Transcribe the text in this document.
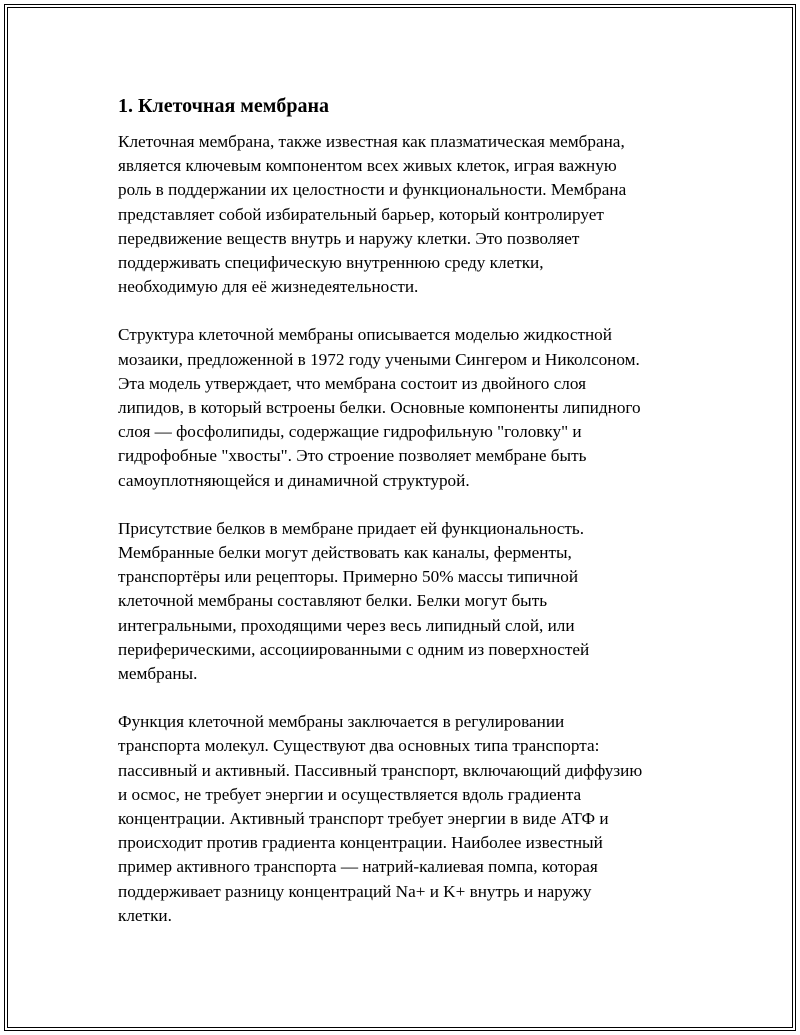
1. Клеточная мембрана

Клеточная мембрана, также известная как плазматическая мембрана,
является ключевым компонентом всех живых клеток, играя важную
роль в поддержании их целостности и функциональности. Мембрана
представляет собой избирательный барьер, который контролирует
передвижение веществ внутрь и наружу клетки. Это позволяет
поддерживать специфическую внутреннюю среду клетки,
необходимую для её жизнедеятельности.

Структура клеточной мембраны описывается моделью жидкостной
мозаики, предложенной в 1972 году учеными Сингером и Николсоном.
Эта модель утверждает, что мембрана состоит из двойного слоя
липидов, в который встроены белки. Основные компоненты липидного
слоя — фосфолипиды, содержащие гидрофильную "головку" и
гидрофобные "хвосты". Это строение позволяет мембране быть
самоуплотняющейся и динамичной структурой.

Присутствие белков в мембране придает ей функциональность.
Мембранные белки могут действовать как каналы, ферменты,
транспортёры или рецепторы. Примерно 50% массы типичной
клеточной мембраны составляют белки. Белки могут быть
интегральными, проходящими через весь липидный слой, или
периферическими, ассоциированными с одним из поверхностей
мембраны.

Функция клеточной мембраны заключается в регулировании
транспорта молекул. Существуют два основных типа транспорта:
пассивный и активный. Пассивный транспорт, включающий диффузию
и осмос, не требует энергии и осуществляется вдоль градиента
концентрации. Активный транспорт требует энергии в виде АТФ и
происходит против градиента концентрации. Наиболее известный
пример активного транспорта — натрий-калиевая помпа, которая
поддерживает разницу концентраций Na+ и K+ внутрь и наружу
клетки.
